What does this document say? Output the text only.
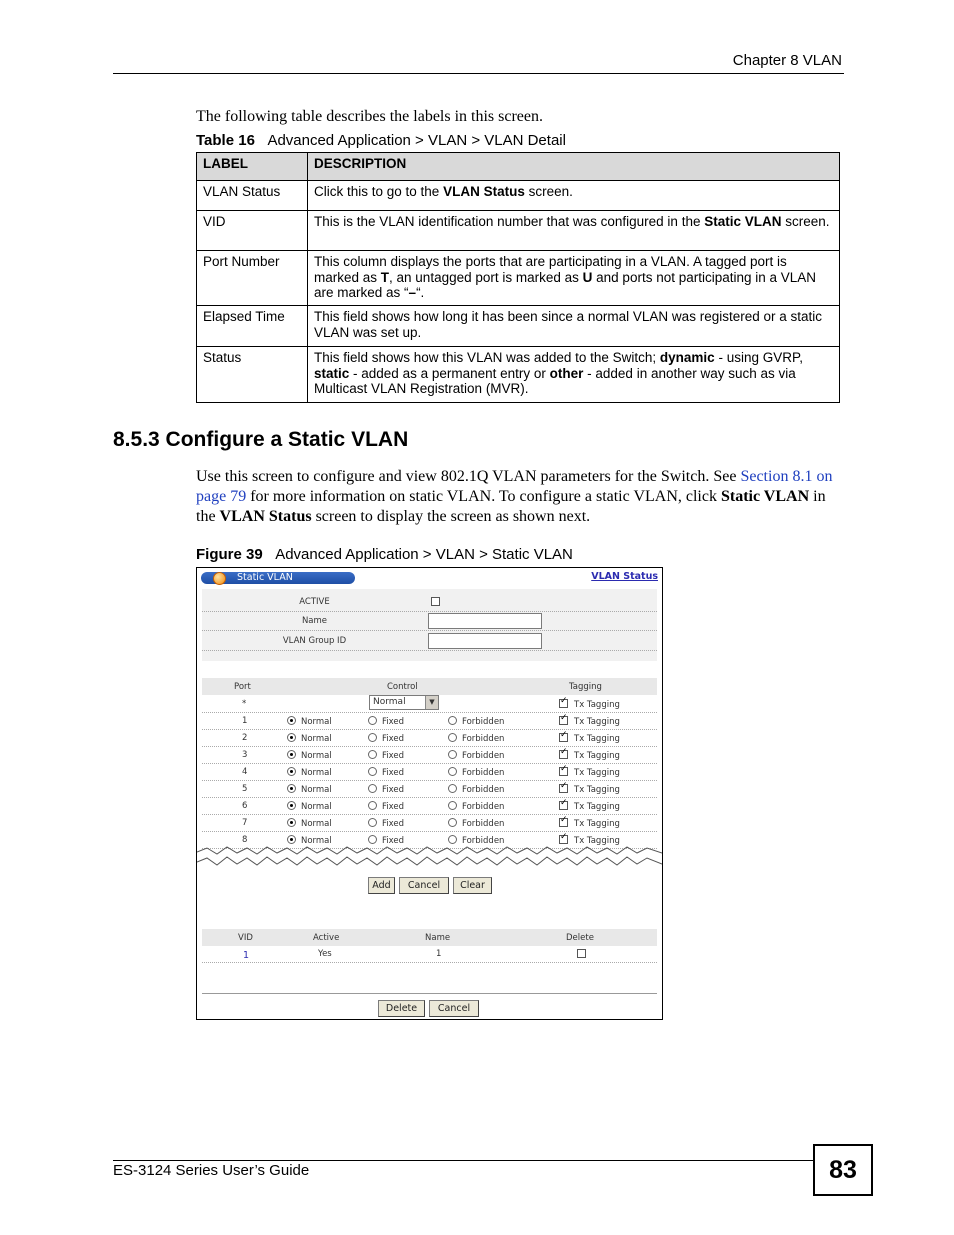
Chapter 8 VLAN
The following table describes the labels in this screen.
Table 16 Advanced Application > VLAN > VLAN Detail
LABEL	DESCRIPTION
VLAN Status	Click this to go to the VLAN Status screen.
VID	This is the VLAN identification number that was configured in the Static VLAN screen.
Port Number	This column displays the ports that are participating in a VLAN. A tagged port is marked as T, an untagged port is marked as U and ports not participating in a VLAN are marked as “–“.
Elapsed Time	This field shows how long it has been since a normal VLAN was registered or a static VLAN was set up.
Status	This field shows how this VLAN was added to the Switch; dynamic - using GVRP, static - added as a permanent entry or other - added in another way such as via Multicast VLAN Registration (MVR).
8.5.3 Configure a Static VLAN
Use this screen to configure and view 802.1Q VLAN parameters for the Switch. See Section 8.1 on page 79 for more information on static VLAN. To configure a static VLAN, click Static VLAN in the VLAN Status screen to display the screen as shown next.
Figure 39 Advanced Application > VLAN > Static VLAN
Static VLAN	VLAN Status
ACTIVE
Name
VLAN Group ID
Port	Control	Tagging
*	Normal	▼ ✓	Tx Tagging
1	Normal	Fixed	Forbidden ✓	Tx Tagging
2	Normal	Fixed	Forbidden ✓	Tx Tagging
3	Normal	Fixed	Forbidden ✓	Tx Tagging
4	Normal	Fixed	Forbidden ✓	Tx Tagging
5	Normal	Fixed	Forbidden ✓	Tx Tagging
6	Normal	Fixed	Forbidden ✓	Tx Tagging
7	Normal	Fixed	Forbidden ✓	Tx Tagging
8	Normal	Fixed	Forbidden ✓	Tx Tagging
Add	Cancel	Clear
VID	Active	Name	Delete
1	Yes	1
Delete	Cancel
ES-3124 Series User’s Guide	83
